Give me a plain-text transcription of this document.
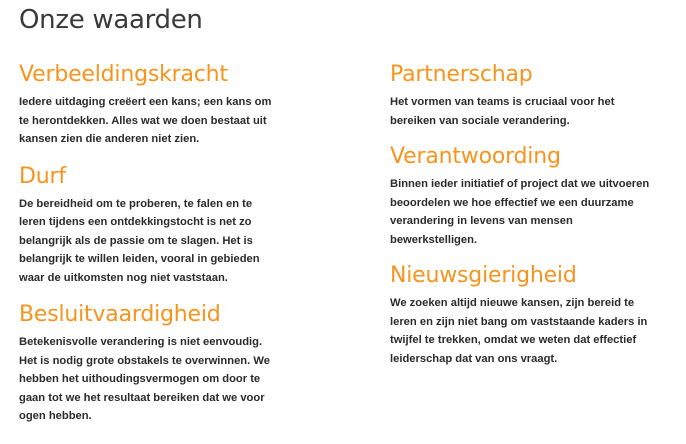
Onze waarden
Verbeeldingskracht

Iedere uitdaging creëert een kans; een kans om
te herontdekken. Alles wat we doen bestaat uit
kansen zien die anderen niet zien.

Durf

De bereidheid om te proberen, te falen en te
leren tijdens een ontdekkingstocht is net zo
belangrijk als de passie om te slagen. Het is
belangrijk te willen leiden, vooral in gebieden
waar de uitkomsten nog niet vaststaan.

Besluitvaardigheid

Betekenisvolle verandering is niet eenvoudig.
Het is nodig grote obstakels te overwinnen. We
hebben het uithoudingsvermogen om door te
gaan tot we het resultaat bereiken dat we voor
ogen hebben.

Partnerschap

Het vormen van teams is cruciaal voor het
bereiken van sociale verandering.

Verantwoording

Binnen ieder initiatief of project dat we uitvoeren
beoordelen we hoe effectief we een duurzame
verandering in levens van mensen
bewerkstelligen.

Nieuwsgierigheid

We zoeken altijd nieuwe kansen, zijn bereid te
leren en zijn niet bang om vaststaande kaders in
twijfel te trekken, omdat we weten dat effectief
leiderschap dat van ons vraagt.
